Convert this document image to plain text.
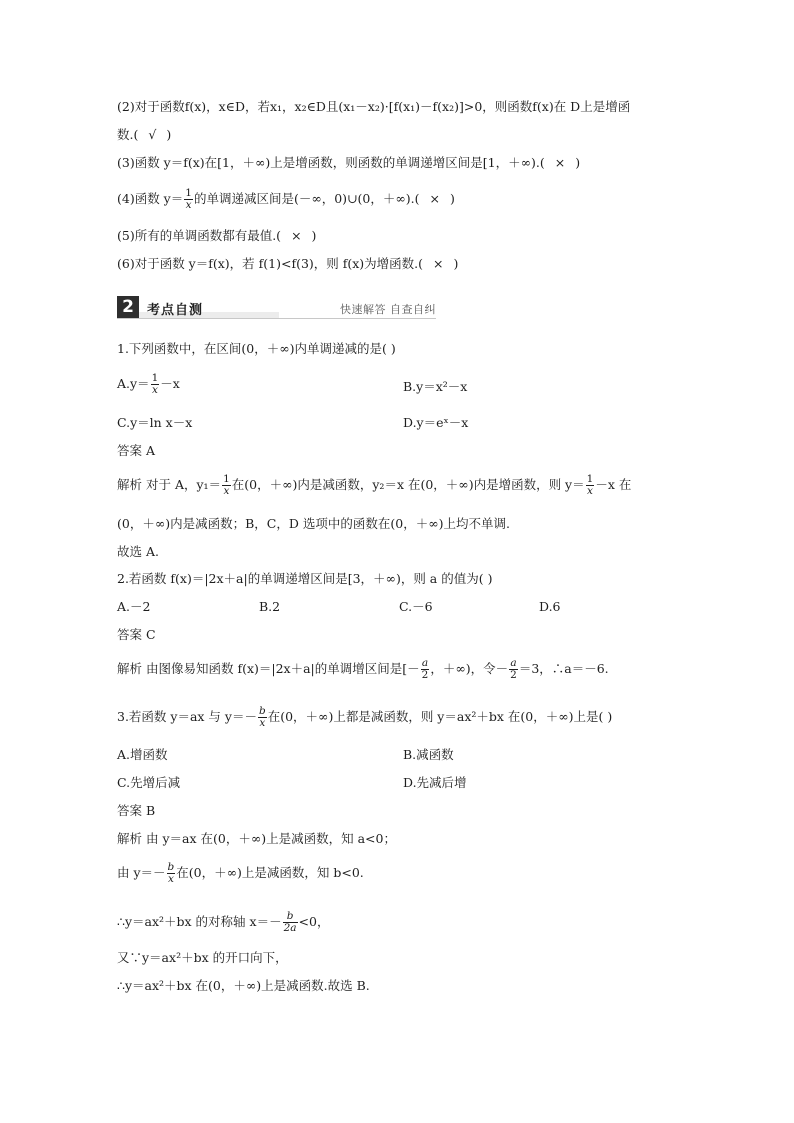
(2)对于函数f(x)，x∈D，若x₁，x₂∈D且(x₁－x₂)·[f(x₁)－f(x₂)]>0，则函数f(x)在 D上是增函
数.( √ )
(3)函数 y＝f(x)在[1，＋∞)上是增函数，则函数的单调递增区间是[1，＋∞).( × )
(4)函数 $y= \frac{1}{x}$ 的单调递减区间是(－∞，0)∪(0，＋∞).( × )
(5)所有的单调函数都有最值.( × )
(6)对于函数 y＝f(x)，若 f(1)<f(3)，则 f(x)为增函数.( × )
2	考点自测	快速解答 自查自纠
1.下列函数中，在区间(0，＋∞)内单调递减的是( )
$A.y= \frac{1}{x} -x$	B.y＝x²－x
C.y＝ln x－x	D.y＝eˣ－x
答案 A
解析 对于 A，$y_1= \frac{1}{x}$ 在(0，＋∞)内是减函数，y₂＝x 在(0，＋∞)内是增函数，则 $y= \frac{1}{x} -x$ 在
(0，＋∞)内是减函数；B，C，D 选项中的函数在(0，＋∞)上均不单调.
故选 A.
2.若函数 f(x)＝|2x＋a|的单调递增区间是[3，＋∞)，则 a 的值为( )
A.－2	B.2	C.－6	D.6
答案 C
解析 由图像易知函数 f(x)＝|2x＋a|的单调增区间是[－ $\frac{a}{2}$ ，＋∞)，令－ $\frac{a}{2} =3$，∴a＝－6.
3.若函数 y＝ax 与 $y=- \frac{b}{x}$ 在(0，＋∞)上都是减函数，则 y＝ax²＋bx 在(0，＋∞)上是( )
A.增函数	B.减函数
C.先增后减	D.先减后增
答案 B
解析 由 y＝ax 在(0，＋∞)上是减函数，知 a<0；
由 $y=- \frac{b}{x}$ 在(0，＋∞)上是减函数，知 b<0.
∴y＝ax²＋bx 的对称轴 $x=- \frac{b}{2a} <0$，
又∵y＝ax²＋bx 的开口向下，
∴y＝ax²＋bx 在(0，＋∞)上是减函数.故选 B.
